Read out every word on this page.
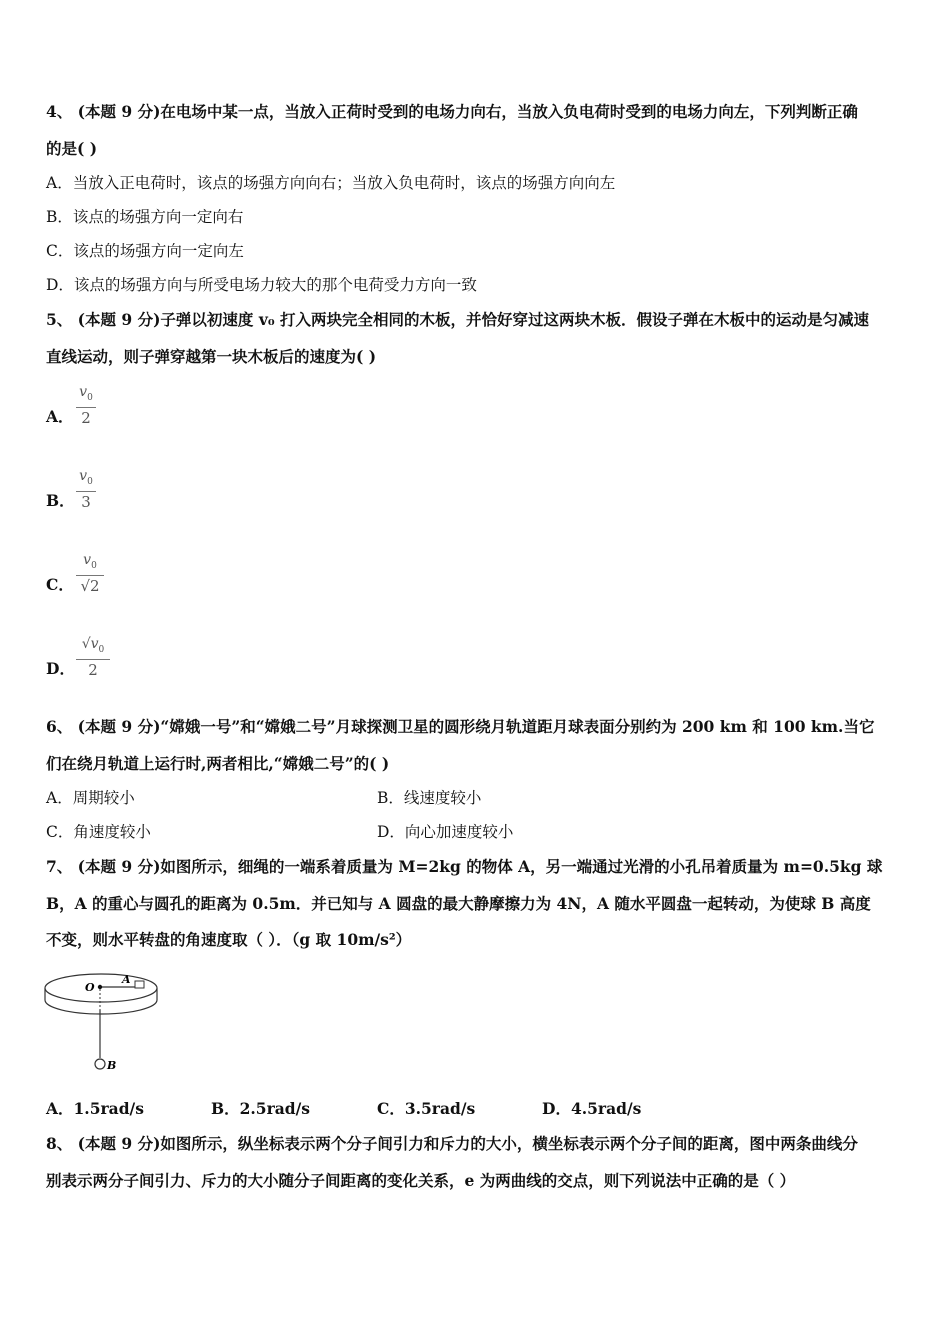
4、 (本题 9 分)在电场中某一点，当放入正荷时受到的电场力向右，当放入负电荷时受到的电场力向左，下列判断正确
的是( )
A．当放入正电荷时，该点的场强方向向右；当放入负电荷时，该点的场强方向向左
B．该点的场强方向一定向右
C．该点的场强方向一定向左
D．该点的场强方向与所受电场力较大的那个电荷受力方向一致
5、 (本题 9 分)子弹以初速度 v₀ 打入两块完全相同的木板，并恰好穿过这两块木板．假设子弹在木板中的运动是匀减速
直线运动，则子弹穿越第一块木板后的速度为( )
A．
$v_0$
2
B．
$v_0$
3
C．
$v_0$
√2
D．
$√v_0$
2
6、 (本题 9 分)“嫦娥一号”和“嫦娥二号”月球探测卫星的圆形绕月轨道距月球表面分别约为 200 km 和 100 km.当它
们在绕月轨道上运行时,两者相比,“嫦娥二号”的( )
A．周期较小	B．线速度较小
C．角速度较小	D．向心加速度较小
7、 (本题 9 分)如图所示，细绳的一端系着质量为 M=2kg 的物体 A，另一端通过光滑的小孔吊着质量为 m=0.5kg 球
B，A 的重心与圆孔的距离为 0.5m．并已知与 A 圆盘的最大静摩擦力为 4N，A 随水平圆盘一起转动，为使球 B 高度
不变，则水平转盘的角速度取（ ）．（g 取 10m/s²）
O
A
B
A．1.5rad/s	B．2.5rad/s	C．3.5rad/s	D．4.5rad/s
8、 (本题 9 分)如图所示，纵坐标表示两个分子间引力和斥力的大小，横坐标表示两个分子间的距离，图中两条曲线分
别表示两分子间引力、斥力的大小随分子间距离的变化关系，e 为两曲线的交点，则下列说法中正确的是（ ）
